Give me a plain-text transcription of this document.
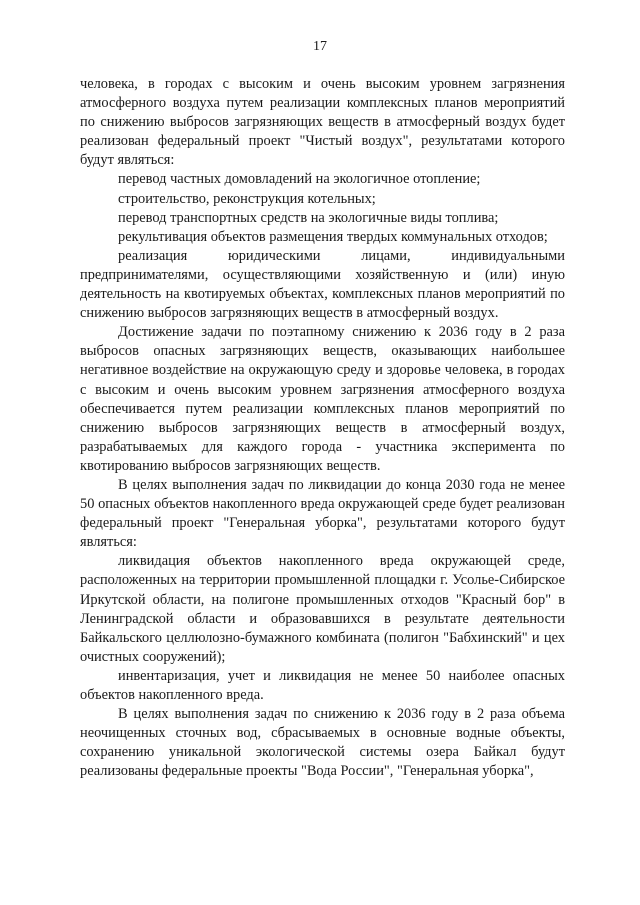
17

человека, в городах с высоким и очень высоким уровнем загрязнения атмосферного воздуха путем реализации комплексных планов мероприятий по снижению выбросов загрязняющих веществ в атмосферный воздух будет реализован федеральный проект "Чистый воздух", результатами которого будут являться:

перевод частных домовладений на экологичное отопление;

строительство, реконструкция котельных;

перевод транспортных средств на экологичные виды топлива;

рекультивация объектов размещения твердых коммунальных отходов;

реализация юридическими лицами, индивидуальными предпринимателями, осуществляющими хозяйственную и (или) иную деятельность на квотируемых объектах, комплексных планов мероприятий по снижению выбросов загрязняющих веществ в атмосферный воздух.

Достижение задачи по поэтапному снижению к 2036 году в 2 раза выбросов опасных загрязняющих веществ, оказывающих наибольшее негативное воздействие на окружающую среду и здоровье человека, в городах с высоким и очень высоким уровнем загрязнения атмосферного воздуха обеспечивается путем реализации комплексных планов мероприятий по снижению выбросов загрязняющих веществ в атмосферный воздух, разрабатываемых для каждого города - участника эксперимента по квотированию выбросов загрязняющих веществ.

В целях выполнения задач по ликвидации до конца 2030 года не менее 50 опасных объектов накопленного вреда окружающей среде будет реализован федеральный проект "Генеральная уборка", результатами которого будут являться:

ликвидация объектов накопленного вреда окружающей среде, расположенных на территории промышленной площадки г. Усолье-Сибирское Иркутской области, на полигоне промышленных отходов "Красный бор" в Ленинградской области и образовавшихся в результате деятельности Байкальского целлюлозно-бумажного комбината (полигон "Бабхинский" и цех очистных сооружений);

инвентаризация, учет и ликвидация не менее 50 наиболее опасных объектов накопленного вреда.

В целях выполнения задач по снижению к 2036 году в 2 раза объема неочищенных сточных вод, сбрасываемых в основные водные объекты, сохранению уникальной экологической системы озера Байкал будут реализованы федеральные проекты "Вода России", "Генеральная уборка",
